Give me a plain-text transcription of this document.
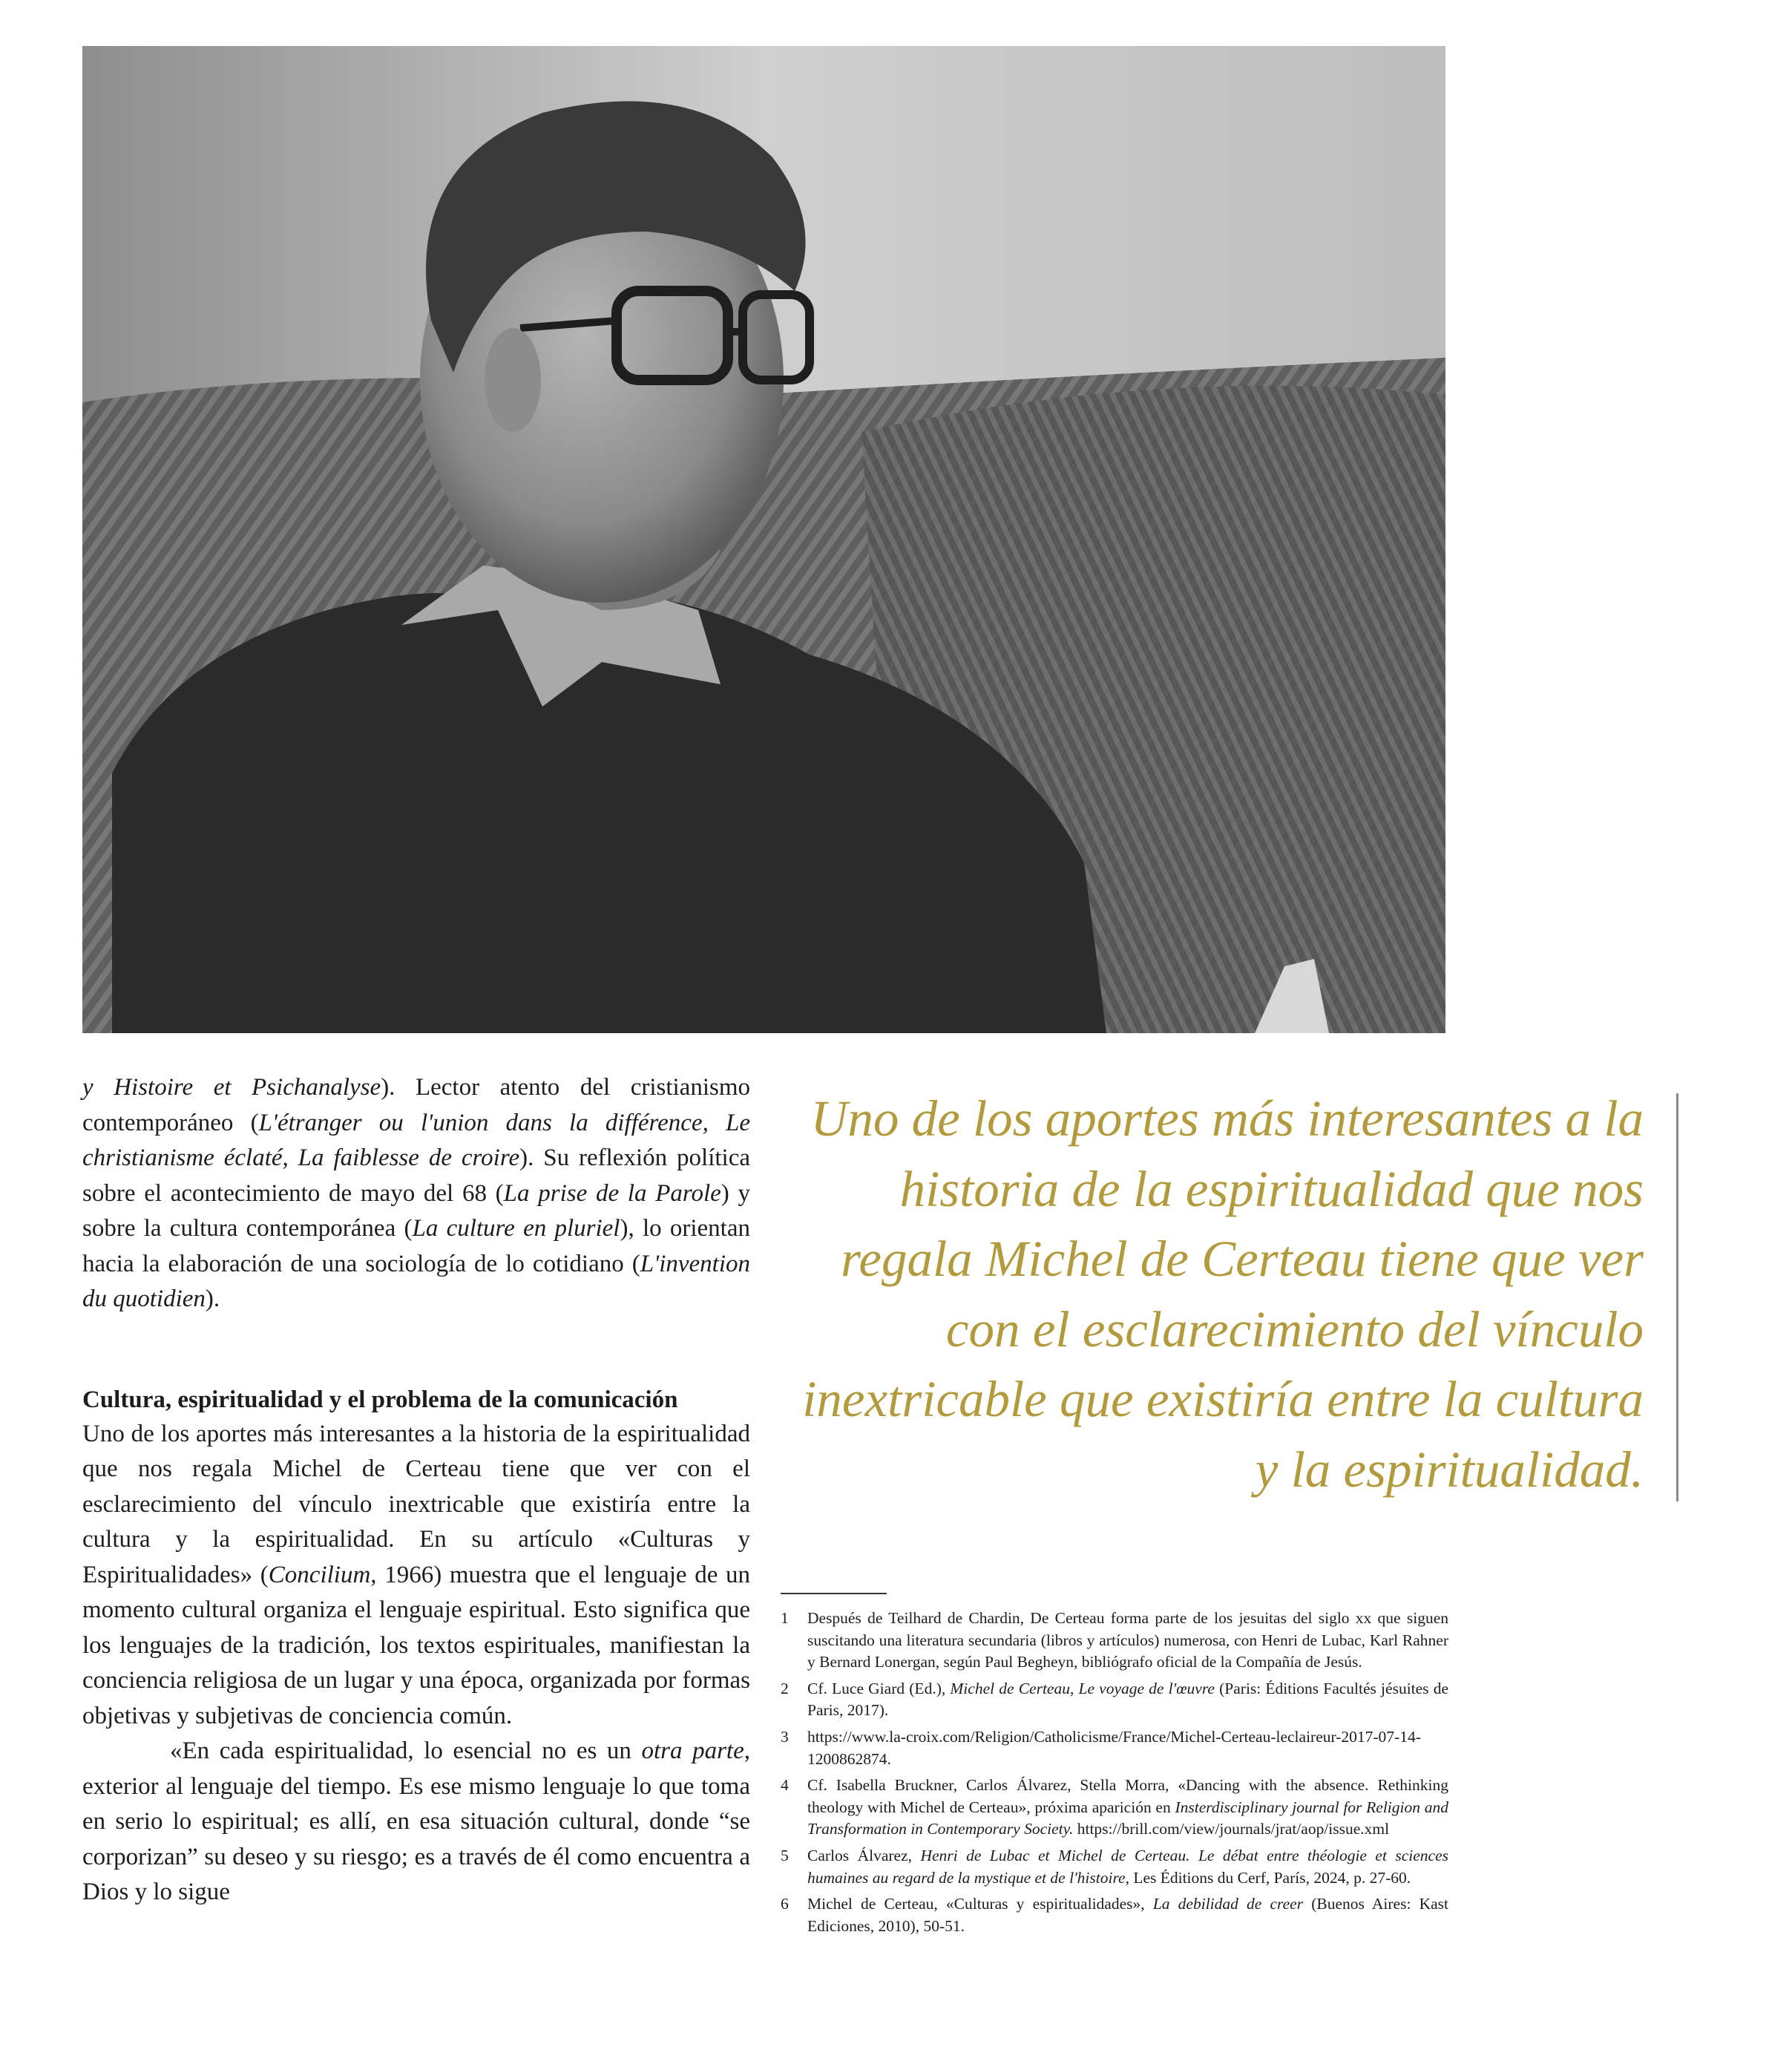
y Histoire et Psichanalyse). Lector atento del cristianismo contemporáneo (L'étranger ou l'union dans la différence, Le christianisme éclaté, La faiblesse de croire). Su reflexión política sobre el acontecimiento de mayo del 68 (La prise de la Parole) y sobre la cultura contemporánea (La culture en pluriel), lo orientan hacia la elaboración de una sociología de lo cotidiano (L'invention du quotidien).

Cultura, espiritualidad y el problema de la comunicación

Uno de los aportes más interesantes a la historia de la espiritualidad que nos regala Michel de Certeau tiene que ver con el esclarecimiento del vínculo inextricable que existiría entre la cultura y la espiritualidad. En su artículo «Culturas y Espiritualidades» (Concilium, 1966) muestra que el lenguaje de un momento cultural organiza el lenguaje espiritual. Esto significa que los lenguajes de la tradición, los textos espirituales, manifiestan la conciencia religiosa de un lugar y una época, organizada por formas objetivas y subjetivas de conciencia común.

«En cada espiritualidad, lo esencial no es un otra parte, exterior al lenguaje del tiempo. Es ese mismo lenguaje lo que toma en serio lo espiritual; es allí, en esa situación cultural, donde “se corporizan” su deseo y su riesgo; es a través de él como encuentra a Dios y lo sigue

Uno de los aportes más interesantes a la historia de la espiritualidad que nos regala Michel de Certeau tiene que ver con el esclarecimiento del vínculo inextricable que existiría entre la cultura y la espiritualidad.
1	Después de Teilhard de Chardin, De Certeau forma parte de los jesuitas del siglo xx que siguen suscitando una literatura secundaria (libros y artículos) numerosa, con Henri de Lubac, Karl Rahner y Bernard Lonergan, según Paul Begheyn, bibliógrafo oficial de la Compañía de Jesús.
2	Cf. Luce Giard (Ed.), Michel de Certeau, Le voyage de l'œuvre (Paris: Éditions Facultés jésuites de Paris, 2017).
3	https://www.la-croix.com/Religion/Catholicisme/France/Michel-Certeau-leclaireur-2017-07-14-1200862874.
4	Cf. Isabella Bruckner, Carlos Álvarez, Stella Morra, «Dancing with the absence. Rethinking theology with Michel de Certeau», próxima aparición en Insterdisciplinary journal for Religion and Transformation in Contemporary Society. https://brill.com/view/journals/jrat/aop/issue.xml
5	Carlos Álvarez, Henri de Lubac et Michel de Certeau. Le débat entre théologie et sciences humaines au regard de la mystique et de l'histoire, Les Éditions du Cerf, París, 2024, p. 27-60.
6	Michel de Certeau, «Culturas y espiritualidades», La debilidad de creer (Buenos Aires: Kast Ediciones, 2010), 50-51.
